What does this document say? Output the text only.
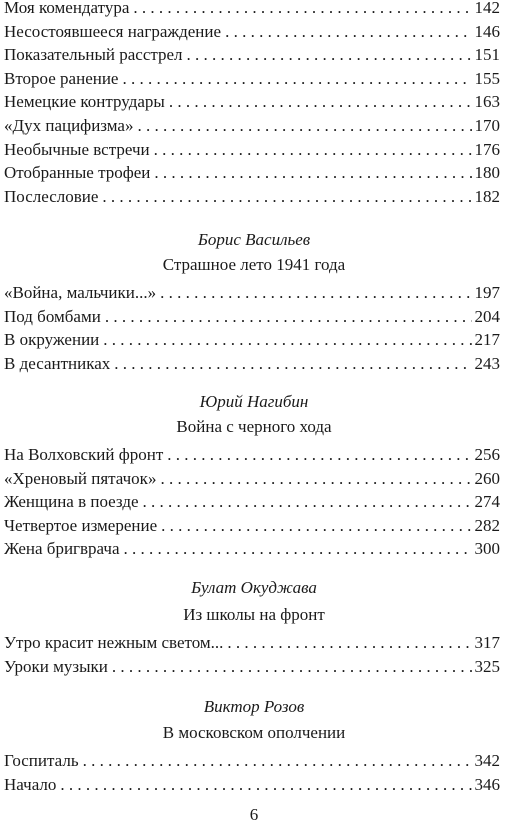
Моя комендатура . . .	142
Несостоявшееся награждение . . .	146
Показательный расстрел . . .	151
Второе ранение . . .	155
Немецкие контрудары . . .	163
«Дух пацифизма» . . .	170
Необычные встречи . . .	176
Отобранные трофеи . . .	180
Послесловие . . .	182
Борис Васильев
Страшное лето 1941 года
«Война, мальчики...» . . .	197
Под бомбами . . .	204
В окружении . . .	217
В десантниках . . .	243
Юрий Нагибин
Война с черного хода
На Волховский фронт . . .	256
«Хреновый пятачок» . . .	260
Женщина в поезде . . .	274
Четвертое измерение . . .	282
Жена бригврача . . .	300
Булат Окуджава
Из школы на фронт
Утро красит нежным светом... . . .	317
Уроки музыки . . .	325
Виктор Розов
В московском ополчении
Госпиталь . . .	342
Начало . . .	346
6
